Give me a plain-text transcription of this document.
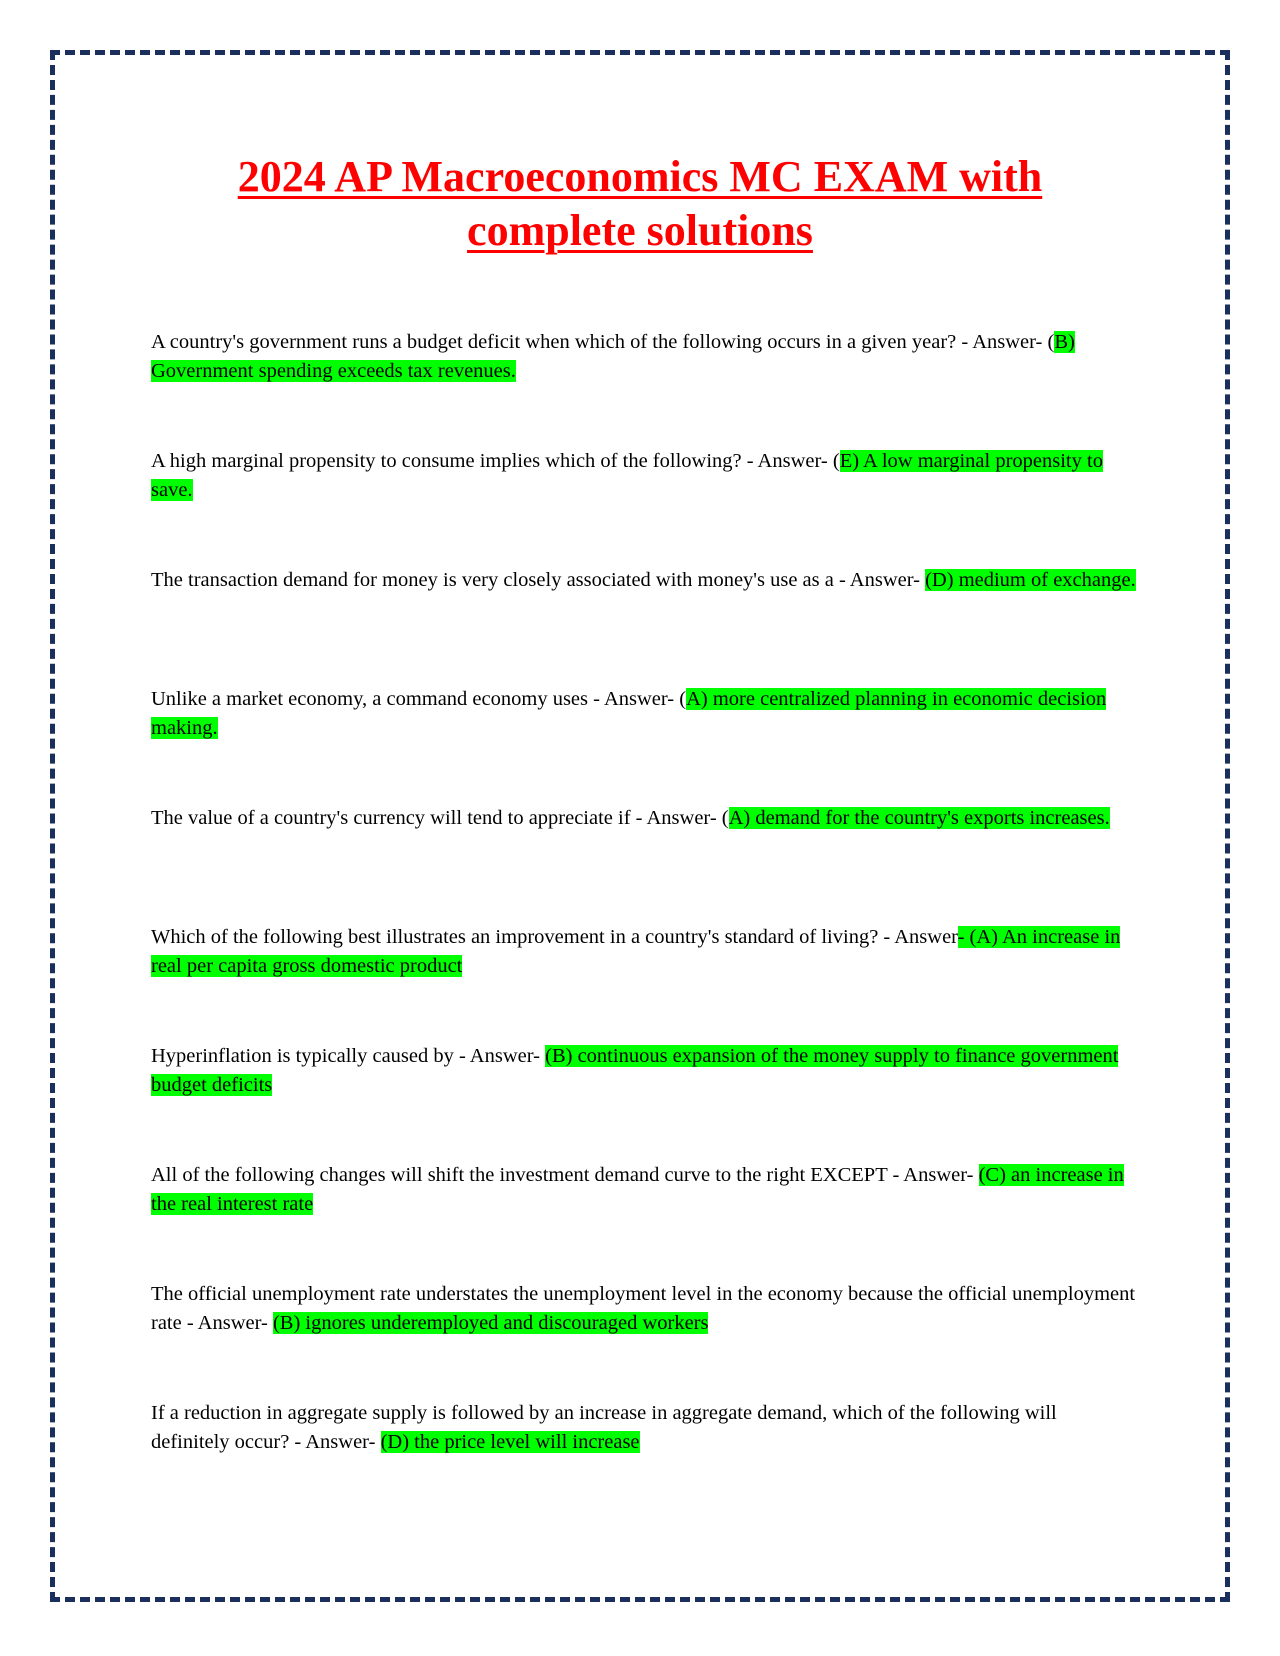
2024 AP Macroeconomics MC EXAM with complete solutions
A country's government runs a budget deficit when which of the following occurs in a given year? - Answer- (B) Government spending exceeds tax revenues.
A high marginal propensity to consume implies which of the following? - Answer- (E) A low marginal propensity to save.
The transaction demand for money is very closely associated with money's use as a - Answer- (D) medium of exchange.
Unlike a market economy, a command economy uses - Answer- (A) more centralized planning in economic decision making.
The value of a country's currency will tend to appreciate if - Answer- (A) demand for the country's exports increases.
Which of the following best illustrates an improvement in a country's standard of living? - Answer- (A) An increase in real per capita gross domestic product
Hyperinflation is typically caused by - Answer- (B) continuous expansion of the money supply to finance government budget deficits
All of the following changes will shift the investment demand curve to the right EXCEPT - Answer- (C) an increase in the real interest rate
The official unemployment rate understates the unemployment level in the economy because the official unemployment rate - Answer- (B) ignores underemployed and discouraged workers
If a reduction in aggregate supply is followed by an increase in aggregate demand, which of the following will definitely occur? - Answer- (D) the price level will increase
